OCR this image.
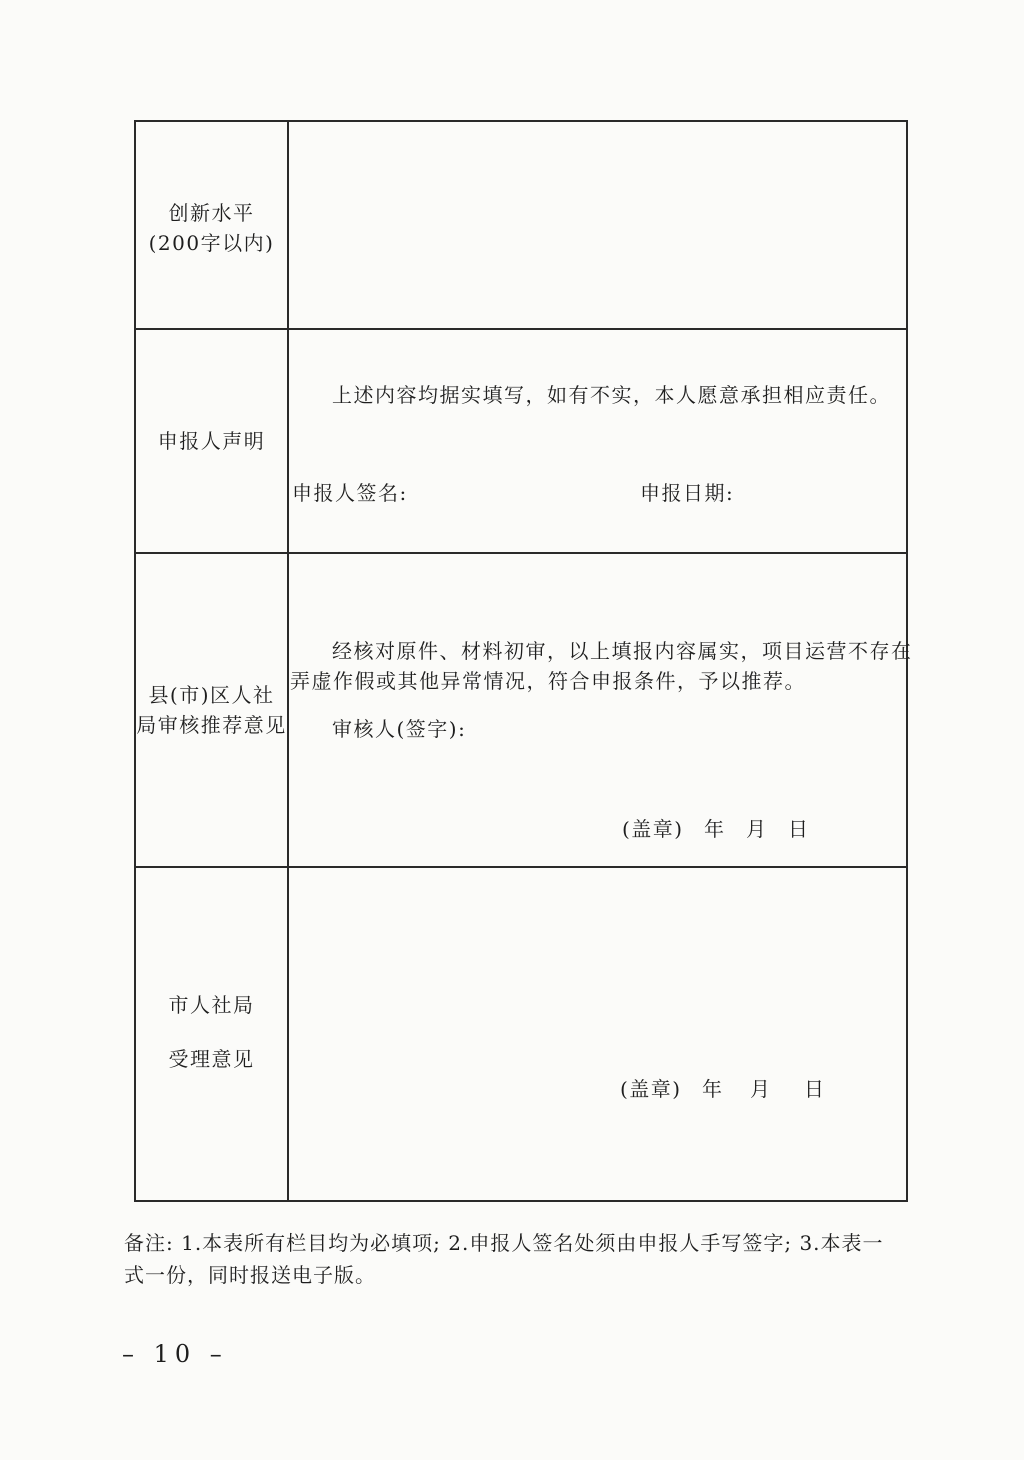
创新水平
(200字以内)
申报人声明
上述内容均据实填写，如有不实，本人愿意承担相应责任。
申报人签名:	申报日期:
县(市)区人社
局审核推荐意见
经核对原件、材料初审，以上填报内容属实，项目运营不存在
弄虚作假或其他异常情况，符合申报条件，予以推荐。
审核人(签字):
(盖章) 年 月 日
市人社局
受理意见
(盖章) 年 月 日
备注: 1.本表所有栏目均为必填项; 2.申报人签名处须由申报人手写签字; 3.本表一
式一份，同时报送电子版。
– 10 –
